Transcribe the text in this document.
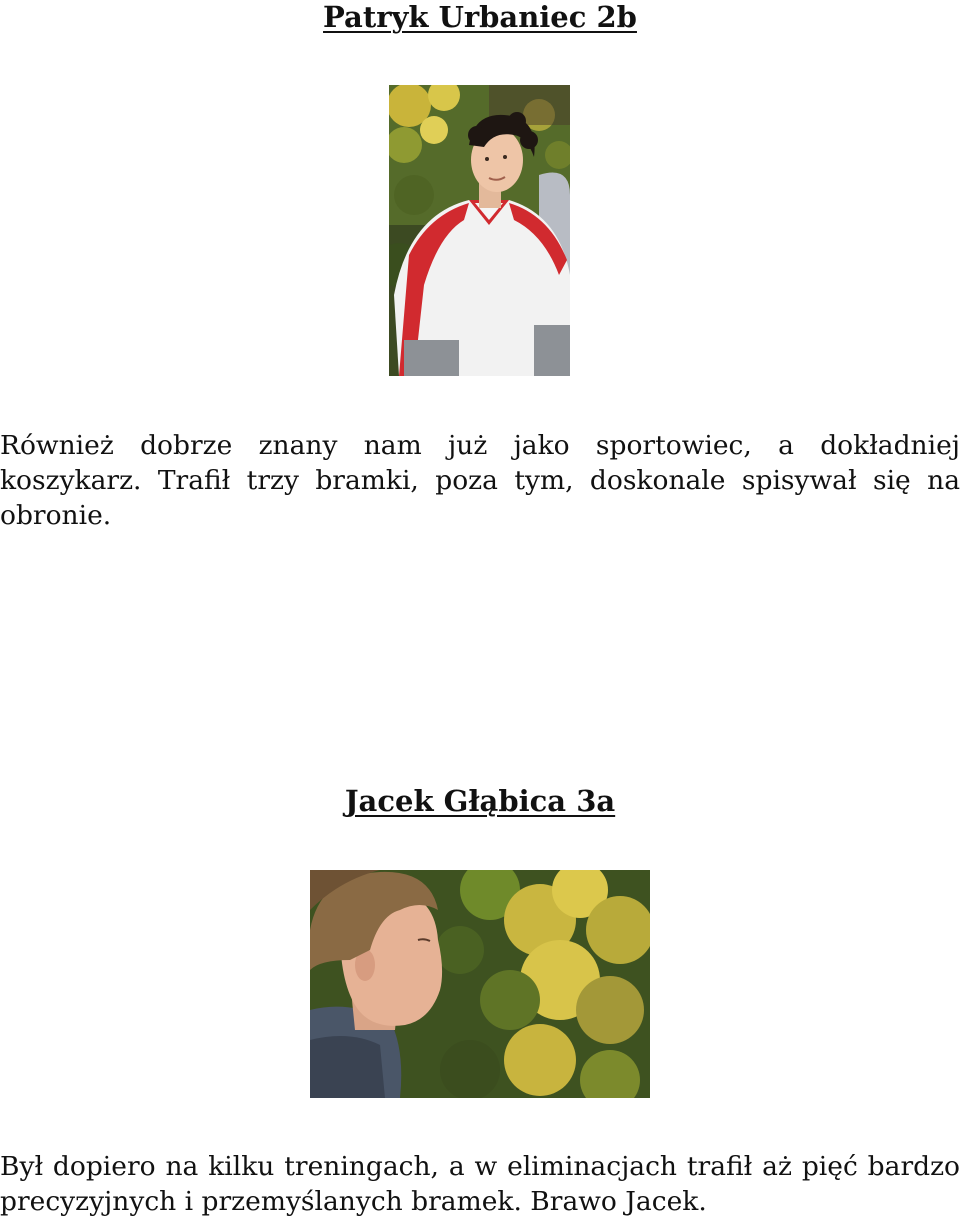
Patryk Urbaniec 2b
Również dobrze znany nam już jako sportowiec, a dokładniej koszykarz. Trafił trzy bramki, poza tym, doskonale spisywał się na obronie.
Jacek Głąbica 3a
Był dopiero na kilku treningach, a w eliminacjach trafił aż pięć bardzo precyzyjnych i przemyślanych bramek. Brawo Jacek.
